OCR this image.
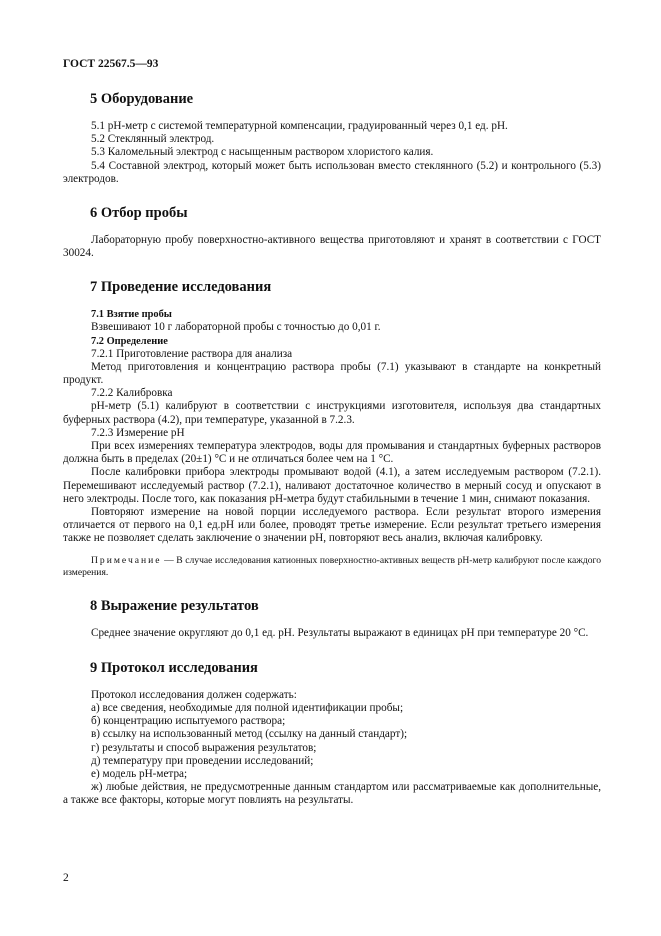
ГОСТ 22567.5—93
5 Оборудование

5.1 рН-метр с системой температурной компенсации, градуированный через 0,1 ед. рН.

5.2 Стеклянный электрод.

5.3 Каломельный электрод с насыщенным раствором хлористого калия.

5.4 Составной электрод, который может быть использован вместо стеклянного (5.2) и контрольного (5.3) электродов.

6 Отбор пробы

Лабораторную пробу поверхностно-активного вещества приготовляют и хранят в соответствии с ГОСТ 30024.

7 Проведение исследования
7.1 Взятие пробы

Взвешивают 10 г лабораторной пробы с точностью до 0,01 г.

7.2 Определение

7.2.1 Приготовление раствора для анализа

Метод приготовления и концентрацию раствора пробы (7.1) указывают в стандарте на конкретный продукт.

7.2.2 Калибровка

рН-метр (5.1) калибруют в соответствии с инструкциями изготовителя, используя два стандартных буферных раствора (4.2), при температуре, указанной в 7.2.3.

7.2.3 Измерение рН

При всех измерениях температура электродов, воды для промывания и стандартных буферных растворов должна быть в пределах (20±1) °С и не отличаться более чем на 1 °С.

После калибровки прибора электроды промывают водой (4.1), а затем исследуемым раствором (7.2.1). Перемешивают исследуемый раствор (7.2.1), наливают достаточное количество в мерный сосуд и опускают в него электроды. После того, как показания рН-метра будут стабильными в течение 1 мин, снимают показания.

Повторяют измерение на новой порции исследуемого раствора. Если результат второго измерения отличается от первого на 0,1 ед.рН или более, проводят третье измерение. Если результат третьего измерения также не позволяет сделать заключение о значении рН, повторяют весь анализ, включая калибровку.

Примечание — В случае исследования катионных поверхностно-активных веществ рН-метр калибруют после каждого измерения.

8 Выражение результатов

Среднее значение округляют до 0,1 ед. рН. Результаты выражают в единицах рН при температуре 20 °С.

9 Протокол исследования

Протокол исследования должен содержать:

а) все сведения, необходимые для полной идентификации пробы;

б) концентрацию испытуемого раствора;

в) ссылку на использованный метод (ссылку на данный стандарт);

г) результаты и способ выражения результатов;

д) температуру при проведении исследований;

е) модель рН-метра;

ж) любые действия, не предусмотренные данным стандартом или рассматриваемые как дополнительные, а также все факторы, которые могут повлиять на результаты.

2
